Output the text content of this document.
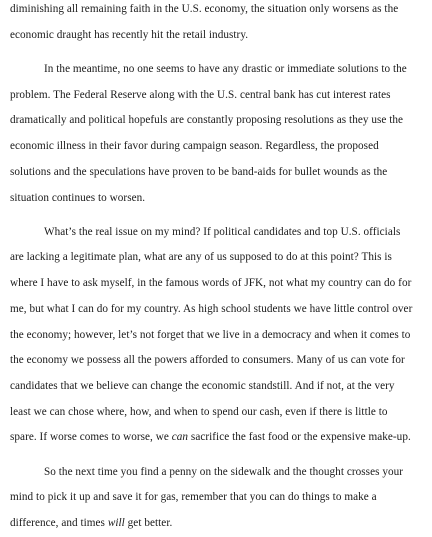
diminishing all remaining faith in the U.S. economy, the situation only worsens as the
economic draught has recently hit the retail industry.
In the meantime, no one seems to have any drastic or immediate solutions to the
problem. The Federal Reserve along with the U.S. central bank has cut interest rates
dramatically and political hopefuls are constantly proposing resolutions as they use the
economic illness in their favor during campaign season. Regardless, the proposed
solutions and the speculations have proven to be band-aids for bullet wounds as the
situation continues to worsen.
What’s the real issue on my mind? If political candidates and top U.S. officials
are lacking a legitimate plan, what are any of us supposed to do at this point? This is
where I have to ask myself, in the famous words of JFK, not what my country can do for
me, but what I can do for my country. As high school students we have little control over
the economy; however, let’s not forget that we live in a democracy and when it comes to
the economy we possess all the powers afforded to consumers. Many of us can vote for
candidates that we believe can change the economic standstill. And if not, at the very
least we can chose where, how, and when to spend our cash, even if there is little to
spare. If worse comes to worse, we can sacrifice the fast food or the expensive make-up.
So the next time you find a penny on the sidewalk and the thought crosses your
mind to pick it up and save it for gas, remember that you can do things to make a
difference, and times will get better.
